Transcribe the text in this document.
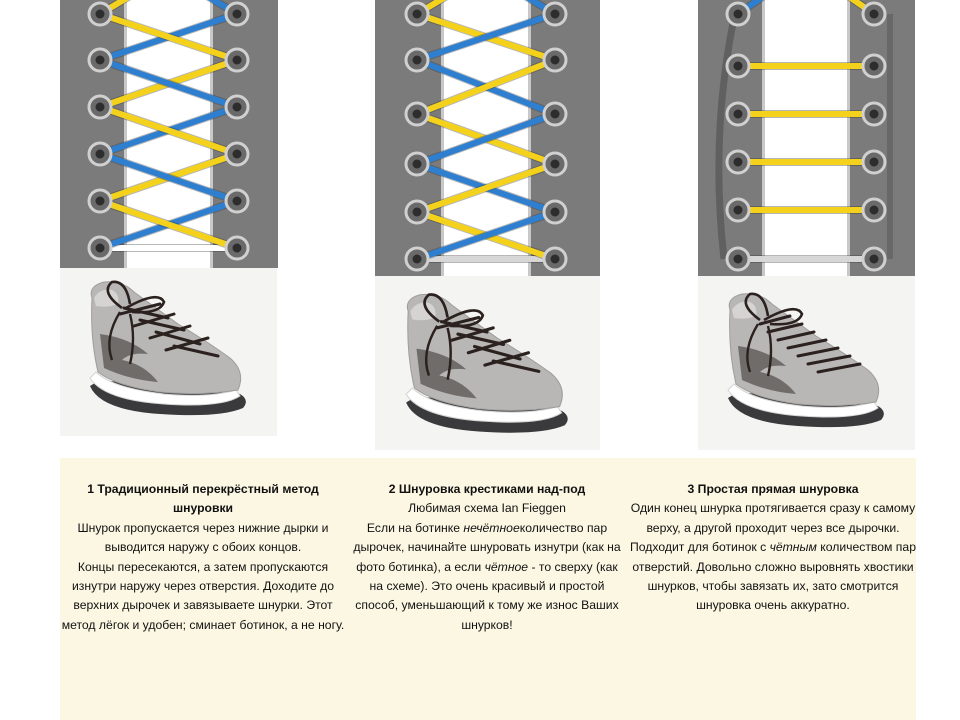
1 Традиционный перекрёстный метод шнуровки

Шнурок пропускается через нижние дырки и выводится наружу с обоих концов.

Концы пересекаются, а затем пропускаются изнутри наружу через отверстия. Доходите до верхних дырочек и завязываете шнурки. Этот метод лёгок и удобен; сминает ботинок, а не ногу.

2 Шнуровка крестиками над-под

Любимая схема Ian Fieggen

Если на ботинке нечётноеколичество пар дырочек, начинайте шнуровать изнутри (как на фото ботинка), а если чётное - то сверху (как на схеме). Это очень красивый и простой способ, уменьшающий к тому же износ Ваших шнурков!

3 Простая прямая шнуровка

Один конец шнурка протягивается сразу к самому верху, а другой проходит через все дырочки. Подходит для ботинок с чётным количеством пар отверстий. Довольно сложно выровнять хвостики шнурков, чтобы завязать их, зато смотрится шнуровка очень аккуратно.
